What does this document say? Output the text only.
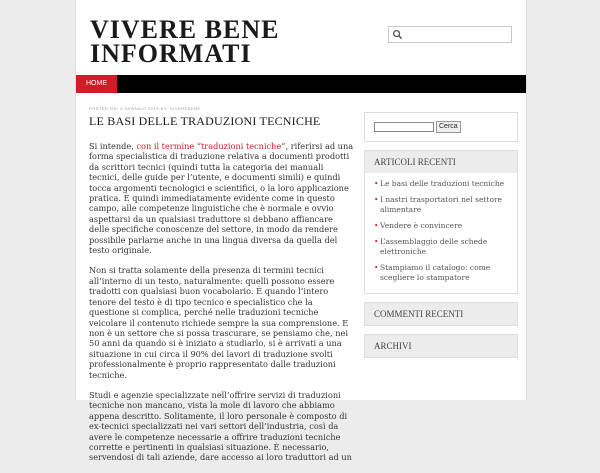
VIVERE BENE INFORMATI
HOME
POSTED ON: 4 GENNAIO 2015 BY: VIVEREBENE
LE BASI DELLE TRADUZIONI TECNICHE

Si intende, con il termine “traduzioni tecniche”, riferirsi ad una forma specialistica di traduzione relativa a documenti prodotti da scrittori tecnici (quindi tutta la categoria dei manuali tecnici, delle guide per l’utente, e documenti simili) e quindi tocca argomenti tecnologici e scientifici, o la loro applicazione pratica. È quindi immediatamente evidente come in questo campo, alle competenze linguistiche che è normale e ovvio aspettarsi da un qualsiasi traduttore si debbano affiancare delle specifiche conoscenze del settore, in modo da rendere possibile parlarne anche in una lingua diversa da quella del testo originale.

Non si tratta solamente della presenza di termini tecnici all’interno di un testo, naturalmente: quelli possono essere tradotti con qualsiasi buon vocabolario. È quando l’intero tenore del testo è di tipo tecnico e specialistico che la questione si complica, perché nelle traduzioni tecniche veicolare il contenuto richiede sempre la sua comprensione. E non è un settore che si possa trascurare, se pensiamo che, nei 50 anni da quando si è iniziato a studiarlo, si è arrivati a una situazione in cui circa il 90% dei lavori di traduzione svolti professionalmente è proprio rappresentato dalle traduzioni tecniche.

Studi e agenzie specializzate nell’offrire servizi di traduzioni tecniche non mancano, vista la mole di lavoro che abbiamo appena descritto. Solitamente, il loro personale è composto di ex-tecnici specializzati nei vari settori dell’industria, così da avere le competenze necessarie a offrire traduzioni tecniche corrette e pertinenti in qualsiasi situazione. È necessario, servendosi di tali aziende, dare accesso ai loro traduttori ad un

Cerca
ARTICOLI RECENTI
• Le basi delle traduzioni tecniche
• I nastri trasportatori nel settore alimentare
• Vendere è convincere
• L’assemblaggio delle schede elettroniche
• Stampiamo il catalogo: come scegliere lo stampatore
COMMENTI RECENTI
ARCHIVI
